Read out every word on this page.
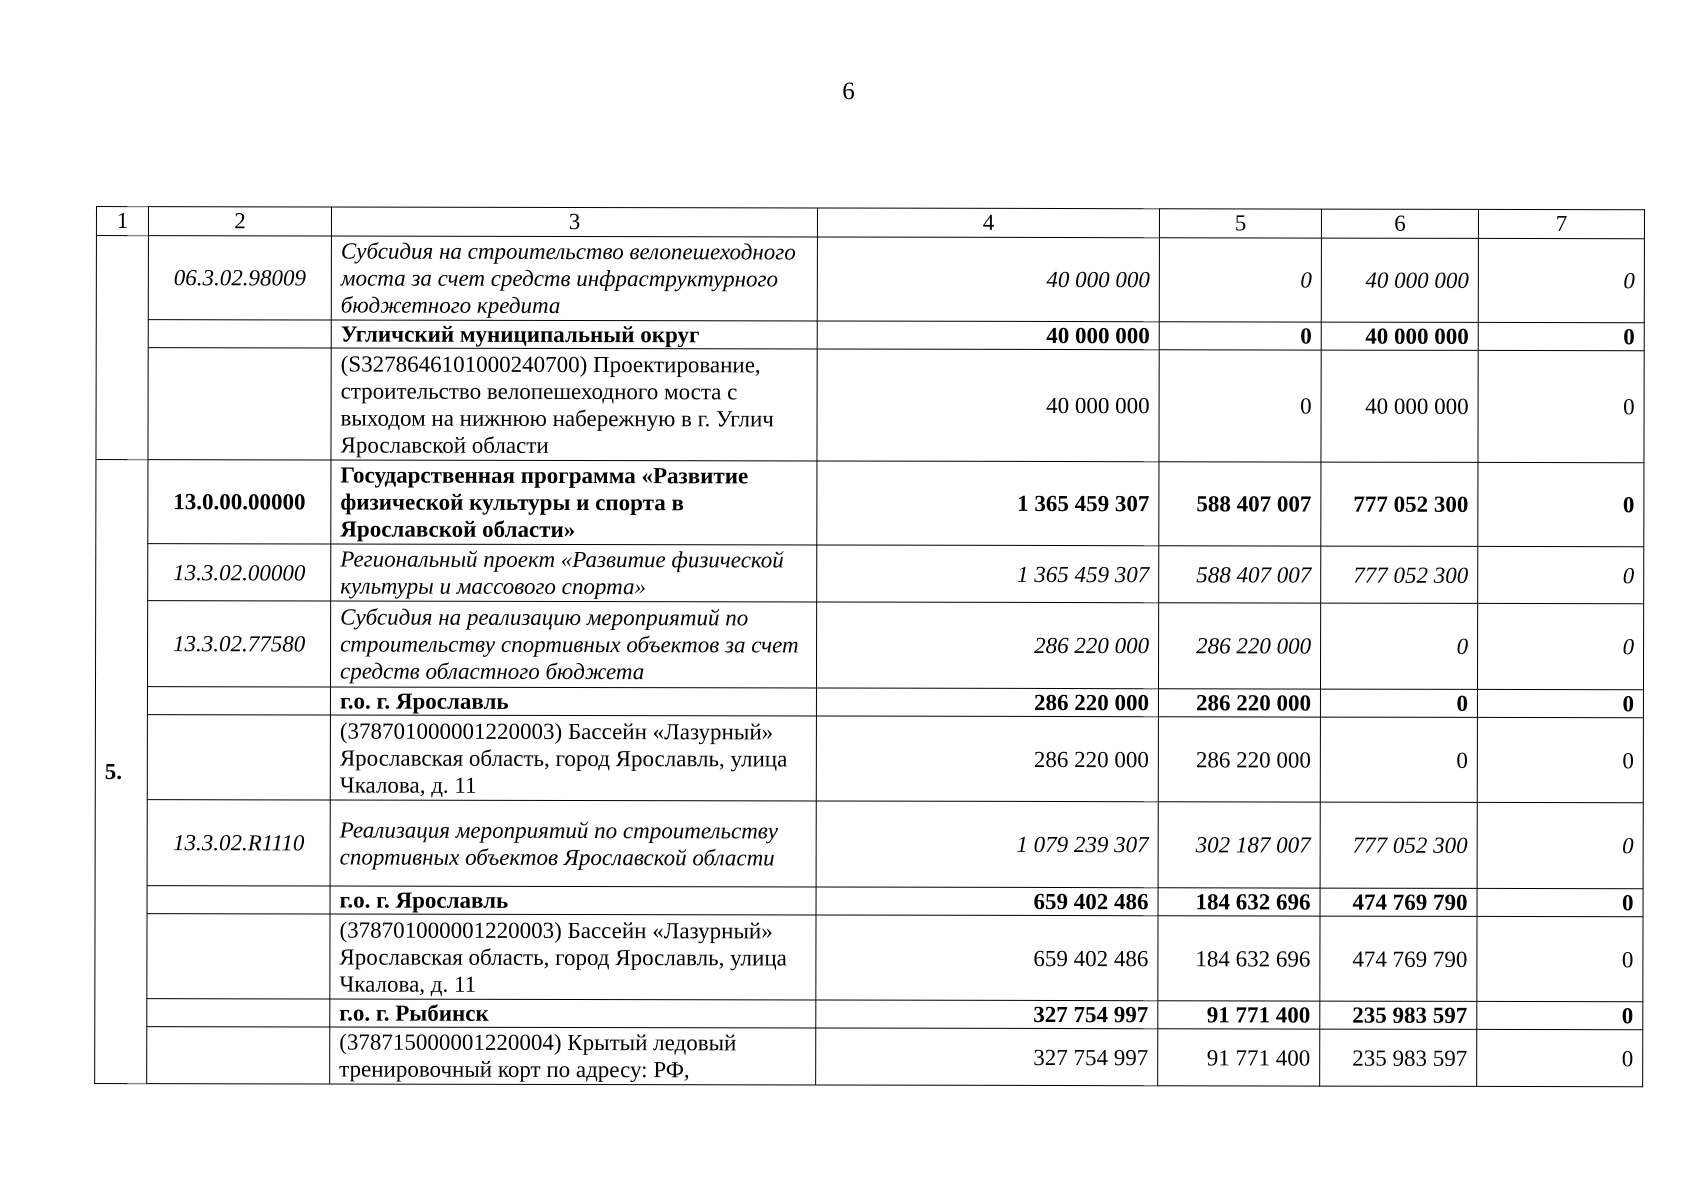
6
1	2	3	4	5	6	7
	06.3.02.98009	Субсидия на строительство велопешеходного моста за счет средств инфраструктурного бюджетного кредита	40 000 000	0	40 000 000	0
		Угличский муниципальный округ	40 000 000	0	40 000 000	0
		(S327864610100024070​0) Проектирование, строительство велопешеходного моста с выходом на нижнюю набережную в г. Углич Ярославской области	40 000 000	0	40 000 000	0
5.	13.0.00.00000	Государственная программа «Развитие физической культуры и спорта в Ярославской области»	1 365 459 307	588 407 007	777 052 300	0
	13.3.02.00000	Региональный проект «Развитие физической культуры и массового спорта»	1 365 459 307	588 407 007	777 052 300	0
	13.3.02.77580	Субсидия на реализацию мероприятий по строительству спортивных объектов за счет средств областного бюджета	286 220 000	286 220 000	0	0
		г.о. г. Ярославль	286 220 000	286 220 000	0	0
		(37870100000122000​3) Бассейн «Лазурный» Ярославская область, город Ярославль, улица Чкалова, д. 11	286 220 000	286 220 000	0	0
	13.3.02.R1110	Реализация мероприятий по строительству спортивных объектов Ярославской области	1 079 239 307	302 187 007	777 052 300	0
		г.о. г. Ярославль	659 402 486	184 632 696	474 769 790	0
		(37870100000122000​3) Бассейн «Лазурный» Ярославская область, город Ярославль, улица Чкалова, д. 11	659 402 486	184 632 696	474 769 790	0
		г.о. г. Рыбинск	327 754 997	91 771 400	235 983 597	0
		(37871500000122000​4) Крытый ледовый тренировочный корт по адресу: РФ,	327 754 997	91 771 400	235 983 597	0
